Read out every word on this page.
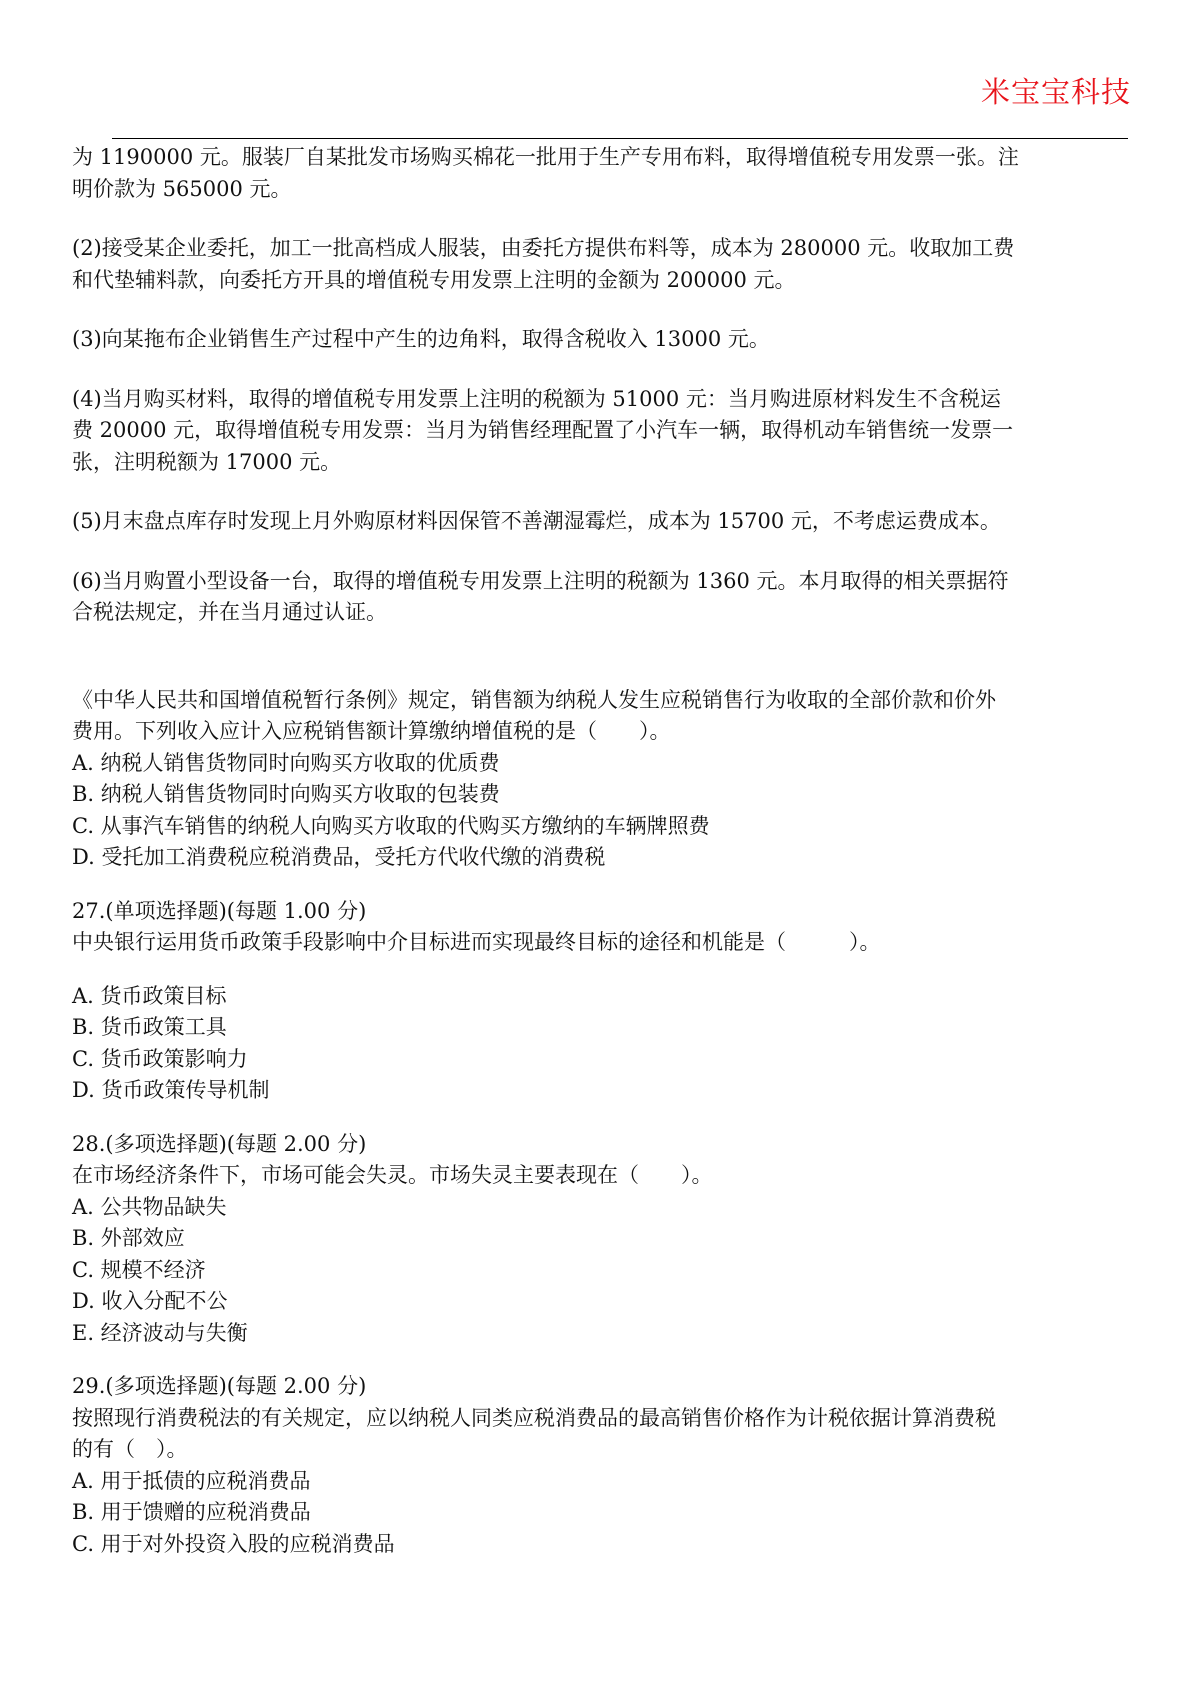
米宝宝科技
为 1190000 元。服装厂自某批发市场购买棉花一批用于生产专用布料，取得增值税专用发票一张。注
明价款为 565000 元。
(2)接受某企业委托，加工一批高档成人服装，由委托方提供布料等，成本为 280000 元。收取加工费
和代垫辅料款，向委托方开具的增值税专用发票上注明的金额为 200000 元。
(3)向某拖布企业销售生产过程中产生的边角料，取得含税收入 13000 元。
(4)当月购买材料，取得的增值税专用发票上注明的税额为 51000 元：当月购进原材料发生不含税运
费 20000 元，取得增值税专用发票：当月为销售经理配置了小汽车一辆，取得机动车销售统一发票一
张，注明税额为 17000 元。
(5)月末盘点库存时发现上月外购原材料因保管不善潮湿霉烂，成本为 15700 元，不考虑运费成本。
(6)当月购置小型设备一台，取得的增值税专用发票上注明的税额为 1360 元。本月取得的相关票据符
合税法规定，并在当月通过认证。
《中华人民共和国增值税暂行条例》规定，销售额为纳税人发生应税销售行为收取的全部价款和价外
费用。下列收入应计入应税销售额计算缴纳增值税的是（　　）。
A. 纳税人销售货物同时向购买方收取的优质费
B. 纳税人销售货物同时向购买方收取的包装费
C. 从事汽车销售的纳税人向购买方收取的代购买方缴纳的车辆牌照费
D. 受托加工消费税应税消费品，受托方代收代缴的消费税
27.(单项选择题)(每题 1.00 分)
中央银行运用货币政策手段影响中介目标进而实现最终目标的途径和机能是（　　　）。
A. 货币政策目标
B. 货币政策工具
C. 货币政策影响力
D. 货币政策传导机制
28.(多项选择题)(每题 2.00 分)
在市场经济条件下，市场可能会失灵。市场失灵主要表现在（　　）。
A. 公共物品缺失
B. 外部效应
C. 规模不经济
D. 收入分配不公
E. 经济波动与失衡
29.(多项选择题)(每题 2.00 分)
按照现行消费税法的有关规定，应以纳税人同类应税消费品的最高销售价格作为计税依据计算消费税
的有（　）。
A. 用于抵债的应税消费品
B. 用于馈赠的应税消费品
C. 用于对外投资入股的应税消费品
